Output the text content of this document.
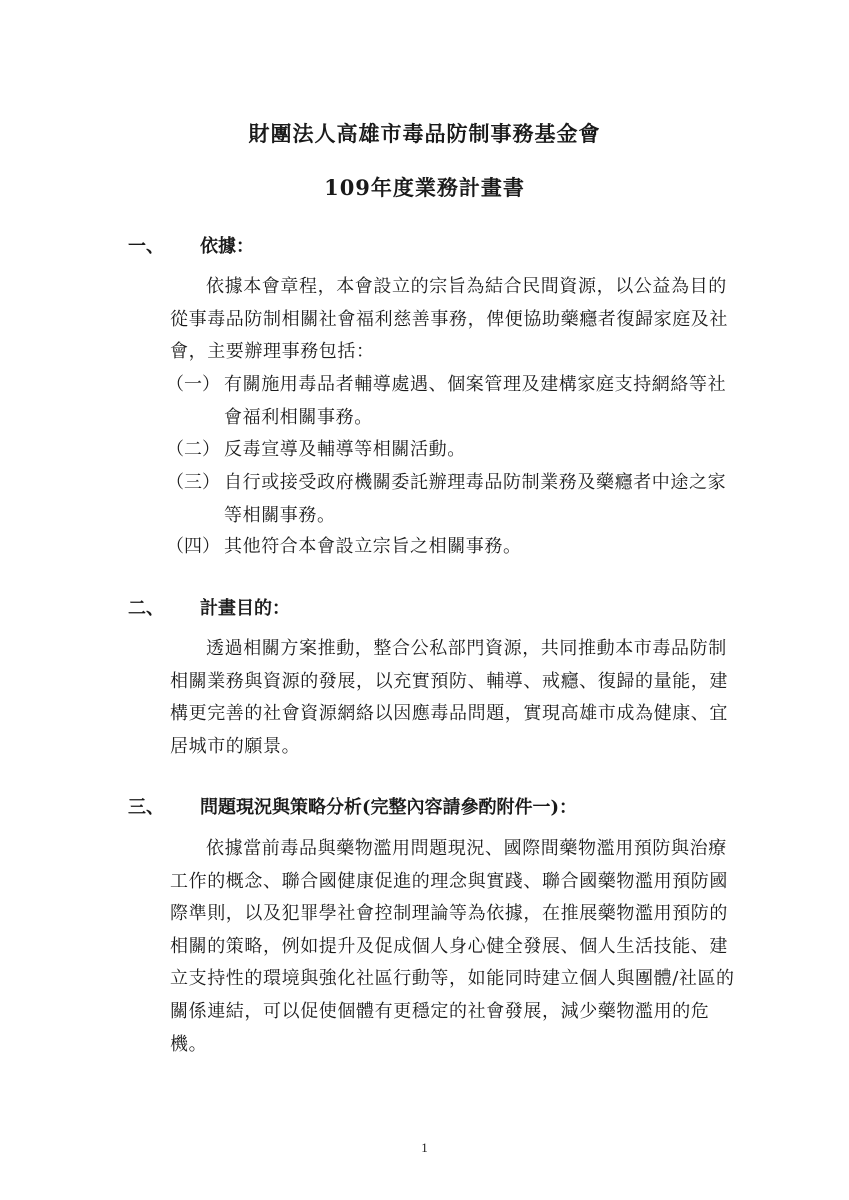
財團法人高雄市毒品防制事務基金會
109年度業務計畫書
一、	依據：
依據本會章程，本會設立的宗旨為結合民間資源，以公益為目的從事毒品防制相關社會福利慈善事務，俾便協助藥癮者復歸家庭及社會，主要辦理事務包括：
（一） 有關施用毒品者輔導處遇、個案管理及建構家庭支持網絡等社會福利相關事務。
（二） 反毒宣導及輔導等相關活動。
（三） 自行或接受政府機關委託辦理毒品防制業務及藥癮者中途之家等相關事務。
（四） 其他符合本會設立宗旨之相關事務。
二、	計畫目的：
透過相關方案推動，整合公私部門資源，共同推動本市毒品防制相關業務與資源的發展，以充實預防、輔導、戒癮、復歸的量能，建構更完善的社會資源網絡以因應毒品問題，實現高雄市成為健康、宜居城市的願景。
三、	問題現況與策略分析(完整內容請參酌附件一)：
依據當前毒品與藥物濫用問題現況、國際間藥物濫用預防與治療工作的概念、聯合國健康促進的理念與實踐、聯合國藥物濫用預防國際準則，以及犯罪學社會控制理論等為依據，在推展藥物濫用預防的相關的策略，例如提升及促成個人身心健全發展、個人生活技能、建立支持性的環境與強化社區行動等，如能同時建立個人與團體/社區的關係連結，可以促使個體有更穩定的社會發展，減少藥物濫用的危機。
1
